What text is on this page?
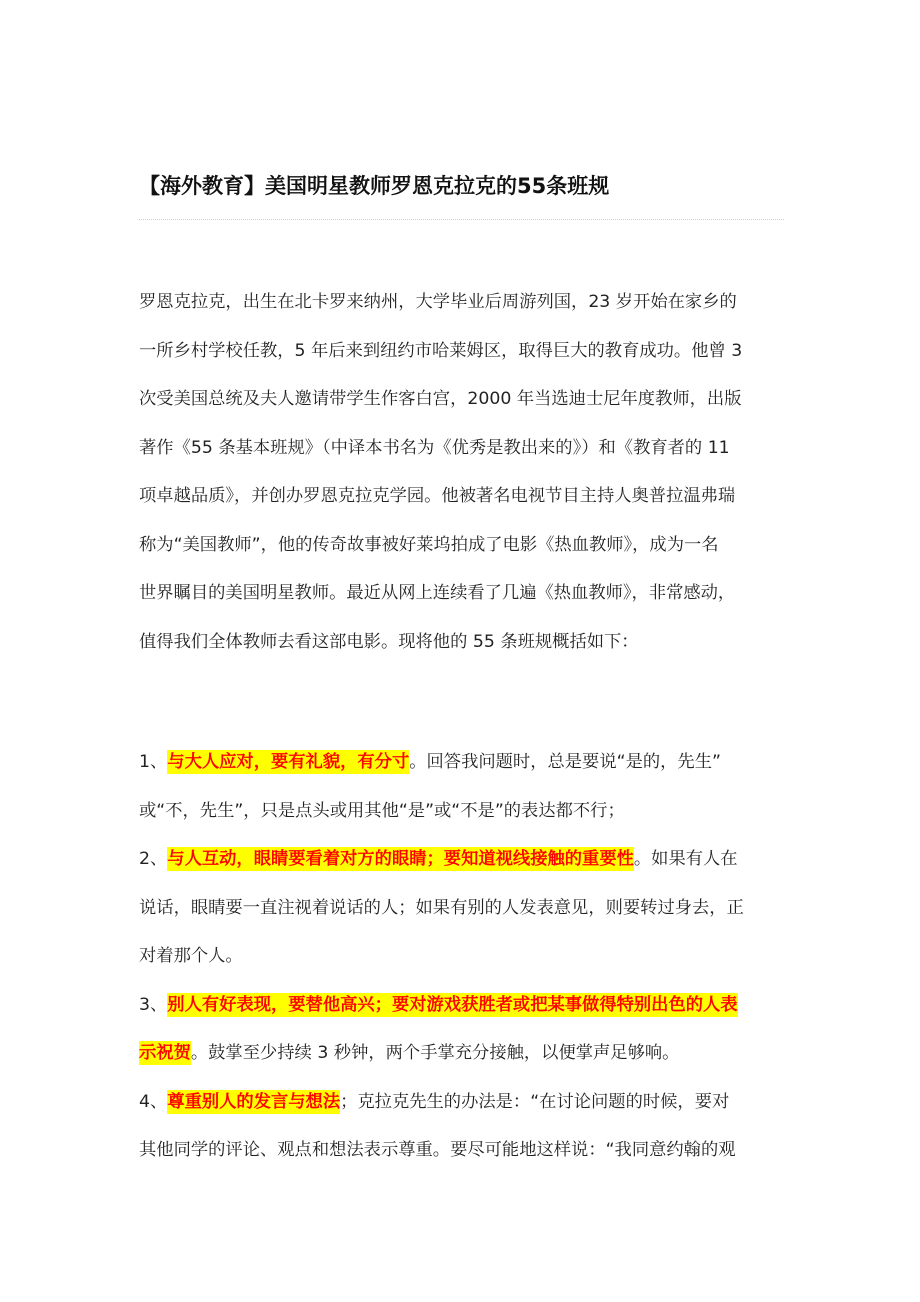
【海外教育】美国明星教师罗恩克拉克的55条班规
罗恩克拉克，出生在北卡罗来纳州，大学毕业后周游列国，23 岁开始在家乡的
一所乡村学校任教，5 年后来到纽约市哈莱姆区，取得巨大的教育成功。他曾 3
次受美国总统及夫人邀请带学生作客白宫，2000 年当选迪士尼年度教师，出版
著作《55 条基本班规》（中译本书名为《优秀是教出来的》）和《教育者的 11
项卓越品质》，并创办罗恩克拉克学园。他被著名电视节目主持人奥普拉温弗瑞
称为“美国教师”，他的传奇故事被好莱坞拍成了电影《热血教师》，成为一名
世界瞩目的美国明星教师。最近从网上连续看了几遍《热血教师》，非常感动，
值得我们全体教师去看这部电影。现将他的 55 条班规概括如下：
1、与大人应对，要有礼貌，有分寸。回答我问题时，总是要说“是的，先生”
或“不，先生”，只是点头或用其他“是”或“不是”的表达都不行；
2、与人互动，眼睛要看着对方的眼睛；要知道视线接触的重要性。如果有人在
说话，眼睛要一直注视着说话的人；如果有别的人发表意见，则要转过身去，正
对着那个人。
3、别人有好表现，要替他高兴；要对游戏获胜者或把某事做得特别出色的人表
示祝贺。鼓掌至少持续 3 秒钟，两个手掌充分接触，以便掌声足够响。
4、尊重别人的发言与想法；克拉克先生的办法是：“在讨论问题的时候，要对
其他同学的评论、观点和想法表示尊重。要尽可能地这样说：“我同意约翰的观
